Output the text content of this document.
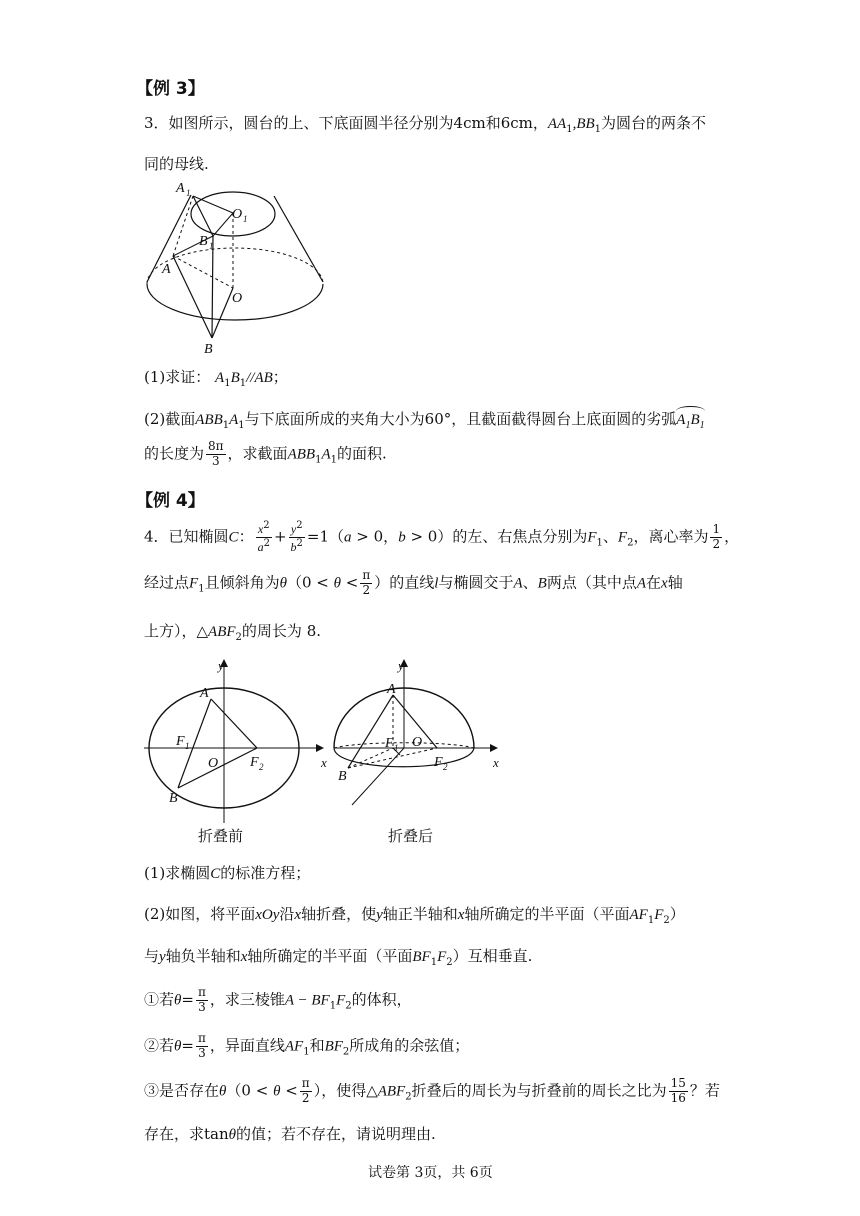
【例 3】
3．如图所示，圆台的上、下底面圆半径分别为4cm和6cm，$AA_1,BB_1$为圆台的两条不
同的母线.
A 1
O 1
B 1
A
O
B
(1)求证： $A_1B_1//AB$；
(2)截面$ABB_1A_1$与下底面所成的夹角大小为60°，且截面截得圆台上底面圆的劣弧$A_1B_1$
的长度为 $\frac{8\pi}{3}$ ，求截面$ABB_1A_1$的面积.
【例 4】
4．已知椭圆C： $\frac{x^2}{a^2} + \frac{y^2}{b^2} =1(a > 0$，b > 0）的左、右焦点分别为$F_1$、$F_2$，离心率为 $\frac{1}{2}$ ，
经过点$F_1$且倾斜角为$\theta(0 < \theta < \frac{\pi}{2}$ ）的直线l与椭圆交于A、B两点（其中点A在x轴
上方），$\triangle ABF_2$的周长为 8.
y
x
A
B
O
F 1
F 2
折叠前
y
x
A
B
O
F 1
F 2
折叠后
(1)求椭圆C的标准方程；
(2)如图，将平面xOy沿x轴折叠，使y轴正半轴和x轴所确定的半平面（平面$AF_1F_2$）
与y轴负半轴和x轴所确定的半平面（平面$BF_1F_2$）互相垂直.
①若$\theta= \frac{\pi}{3}$ ，求三棱锥$A - BF_1F_2$的体积，
②若$\theta= \frac{\pi}{3}$ ，异面直线$AF_1$和$BF_2$所成角的余弦值；
③是否存在$\theta(0 < \theta < \frac{\pi}{2}$ ），使得$\triangle ABF_2$折叠后的周长为与折叠前的周长之比为 $\frac{15}{16}$ ？若
存在，求tanθ的值；若不存在，请说明理由.
试卷第 3页，共 6页
